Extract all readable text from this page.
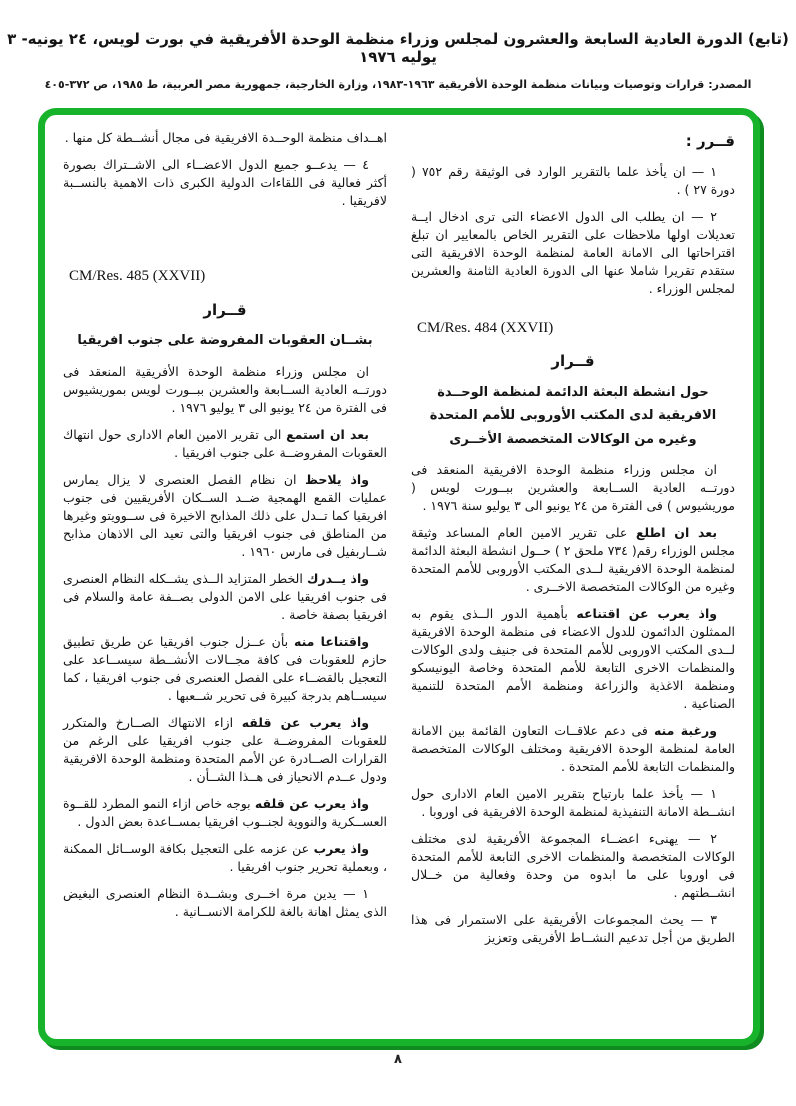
(تابع) الدورة العادية السابعة والعشرون لمجلس وزراء منظمة الوحدة الأفريقية في بورت لويس، ٢٤ يونيه- ٣ يوليه ١٩٧٦
المصدر: قرارات وتوصيات وبيانات منظمة الوحدة الأفريقية ١٩٦٣-١٩٨٣، وزارة الخارجية، جمهورية مصر العربية، ط ١٩٨٥، ص ٣٧٢-٤٠٥
قــرر :

١ — ان يأخذ علما بالتقرير الوارد فى الوثيقة رقم ٧٥٢ ( دورة ٢٧ ) .

٢ — ان يطلب الى الدول الاعضاء التى ترى ادخال ايــة تعديلات اولها ملاحظات على التقرير الخاص بالمعايير ان تبلغ اقتراحاتها الى الامانة العامة لمنظمة الوحدة الافريقية التى ستقدم تقريرا شاملا عنها الى الدورة العادية الثامنة والعشرين لمجلس الوزراء .

CM/Res. 484 (XXVII)
قــرار
حول انشطة البعثة الدائمة لمنظمة الوحــدة
الافريقية لدى المكتب الأوروبى للأمم المتحدة
وغيره من الوكالات المتخصصة الأخــرى

ان مجلس وزراء منظمة الوحدة الافريقية المنعقد فى دورتــه العادية الســابعة والعشرين ببــورت لويس ( موريشيوس ) فى الفترة من ٢٤ يونيو الى ٣ يوليو سنة ١٩٧٦ .

بعد ان اطلع على تقرير الامين العام المساعد وثيقة مجلس الوزراء رقم( ٧٣٤ ملحق ٢ ) حــول انشطة البعثة الدائمة لمنظمة الوحدة الافريقية لــدى المكتب الأوروبى للأمم المتحدة وغيره من الوكالات المتخصصة الاخــرى .

واذ يعرب عن اقتناعه بأهمية الدور الــذى يقوم به الممثلون الدائمون للدول الاعضاء فى منظمة الوحدة الافريقية لــدى المكتب الاوروبى للأمم المتحدة فى جنيف ولدى الوكالات والمنظمات الاخرى التابعة للأمم المتحدة وخاصة اليونيسكو ومنظمة الاغذية والزراعة ومنظمة الأمم المتحدة للتنمية الصناعية .

ورغبة منه فى دعم علاقــات التعاون القائمة بين الامانة العامة لمنظمة الوحدة الافريقية ومختلف الوكالات المتخصصة والمنظمات التابعة للأمم المتحدة .

١ — يأخذ علما بارتياح بتقرير الامين العام الادارى حول انشــطة الامانة التنفيذية لمنظمة الوحدة الافريقية فى اوروبا .

٢ — يهنىء اعضــاء المجموعة الأفريقية لدى مختلف الوكالات المتخصصة والمنظمات الاخرى التابعة للأمم المتحدة فى اوروبا على ما ابدوه من وحدة وفعالية من خــلال انشــطتهم .

٣ — يحث المجموعات الأفريقية على الاستمرار فى هذا الطريق من أجل تدعيم النشــاط الأفريقى وتعزيز

اهــداف منظمة الوحــدة الافريقية فى مجال أنشــطة كل منها .

٤ — يدعــو جميع الدول الاعضــاء الى الاشــتراك بصورة أكثر فعالية فى اللقاءات الدولية الكبرى ذات الاهمية بالنســبة لافريقيا .

CM/Res. 485 (XXVII)
قــرار
بشــان العقوبات المفروضة على جنوب افريقيا

ان مجلس وزراء منظمة الوحدة الأفريقية المنعقد فى دورتــه العادية الســابعة والعشرين ببــورت لويس بموريشيوس فى الفترة من ٢٤ يونيو الى ٣ يوليو ١٩٧٦ .

بعد ان استمع الى تقرير الامين العام الادارى حول انتهاك العقوبات المفروضــة على جنوب افريقيا .

واذ يلاحظ ان نظام الفصل العنصرى لا يزال يمارس عمليات القمع الهمجية ضــد الســكان الأفريقيين فى جنوب افريقيا كما تــدل على ذلك المذابح الاخيرة فى ســوويتو وغيرها من المناطق فى جنوب افريقيا والتى تعيد الى الاذهان مذابح شــاربفيل فى مارس ١٩٦٠ .

واذ يــدرك الخطر المتزايد الــذى يشــكله النظام العنصرى فى جنوب افريقيا على الامن الدولى بصــفة عامة والسلام فى افريقيا بصفة خاصة .

واقتناعا منه بأن عــزل جنوب افريقيا عن طريق تطبيق حازم للعقوبات فى كافة مجــالات الأنشــطة سيســاعد على التعجيل بالقضــاء على الفصل العنصرى فى جنوب افريقيا ، كما سيســاهم بدرجة كبيرة فى تحرير شــعبها .

واذ يعرب عن قلقه ازاء الانتهاك الصــارخ والمتكرر للعقوبات المفروضــة على جنوب افريقيا على الرغم من القرارات الصــادرة عن الأمم المتحدة ومنظمة الوحدة الافريقية ودول عــدم الانحياز فى هــذا الشــأن .

واذ يعرب عن قلقه بوجه خاص ازاء النمو المطرد للقــوة العســكرية والنووية لجنــوب افريقيا بمســاعدة بعض الدول .

واذ يعرب عن عزمه على التعجيل بكافة الوســائل الممكنة ، وبعملية تحرير جنوب افريقيا .

١ — يدين مرة اخــرى وبشــدة النظام العنصرى البغيض الذى يمثل اهانة بالغة للكرامة الانســانية .

٨
